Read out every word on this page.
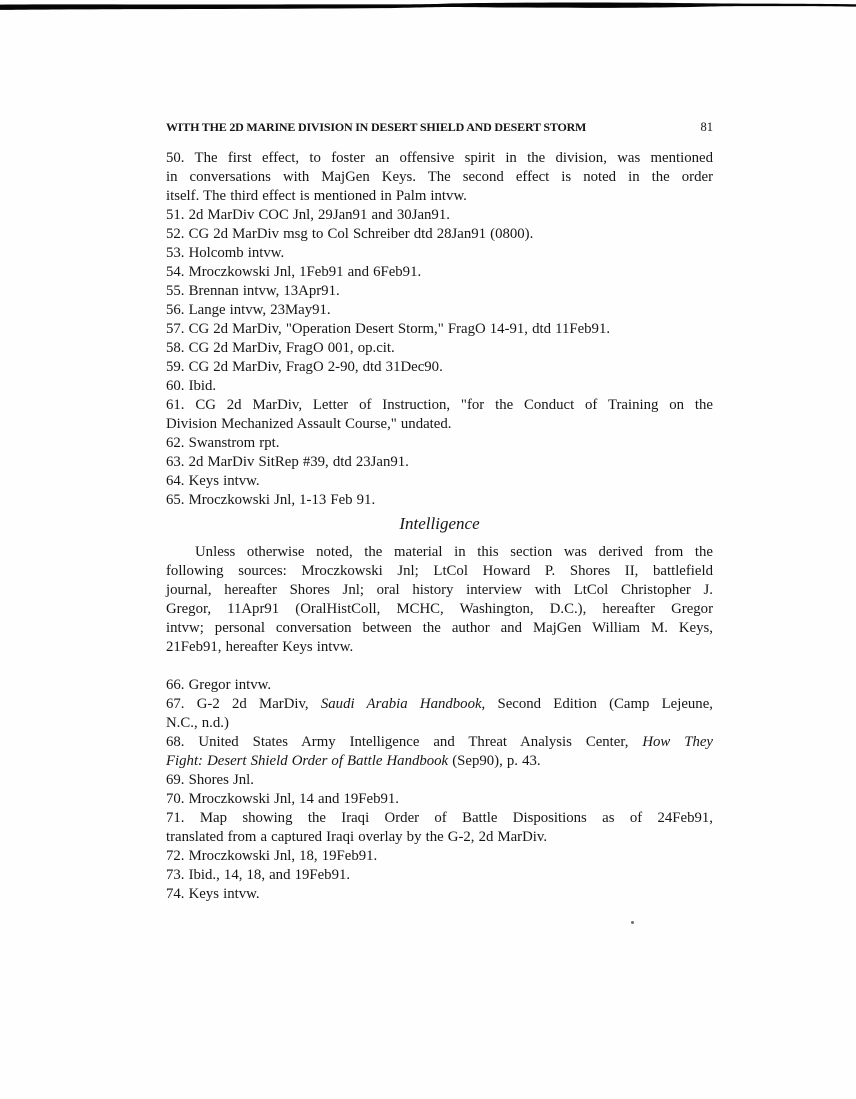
WITH THE 2D MARINE DIVISION IN DESERT SHIELD AND DESERT STORM	81
50. The first effect, to foster an offensive spirit in the division, was mentioned
in conversations with MajGen Keys. The second effect is noted in the order
itself. The third effect is mentioned in Palm intvw.
51. 2d MarDiv COC Jnl, 29Jan91 and 30Jan91.
52. CG 2d MarDiv msg to Col Schreiber dtd 28Jan91 (0800).
53. Holcomb intvw.
54. Mroczkowski Jnl, 1Feb91 and 6Feb91.
55. Brennan intvw, 13Apr91.
56. Lange intvw, 23May91.
57. CG 2d MarDiv, "Operation Desert Storm," FragO 14-91, dtd 11Feb91.
58. CG 2d MarDiv, FragO 001, op.cit.
59. CG 2d MarDiv, FragO 2-90, dtd 31Dec90.
60. Ibid.
61. CG 2d MarDiv, Letter of Instruction, "for the Conduct of Training on the
Division Mechanized Assault Course," undated.
62. Swanstrom rpt.
63. 2d MarDiv SitRep #39, dtd 23Jan91.
64. Keys intvw.
65. Mroczkowski Jnl, 1-13 Feb 91.
Intelligence
Unless otherwise noted, the material in this section was derived from the
following sources: Mroczkowski Jnl; LtCol Howard P. Shores II, battlefield
journal, hereafter Shores Jnl; oral history interview with LtCol Christopher J.
Gregor, 11Apr91 (OralHistColl, MCHC, Washington, D.C.), hereafter Gregor
intvw; personal conversation between the author and MajGen William M. Keys,
21Feb91, hereafter Keys intvw.
66. Gregor intvw.
67. G-2 2d MarDiv, Saudi Arabia Handbook, Second Edition (Camp Lejeune,
N.C., n.d.)
68. United States Army Intelligence and Threat Analysis Center, How They
Fight: Desert Shield Order of Battle Handbook (Sep90), p. 43.
69. Shores Jnl.
70. Mroczkowski Jnl, 14 and 19Feb91.
71. Map showing the Iraqi Order of Battle Dispositions as of 24Feb91,
translated from a captured Iraqi overlay by the G-2, 2d MarDiv.
72. Mroczkowski Jnl, 18, 19Feb91.
73. Ibid., 14, 18, and 19Feb91.
74. Keys intvw.
